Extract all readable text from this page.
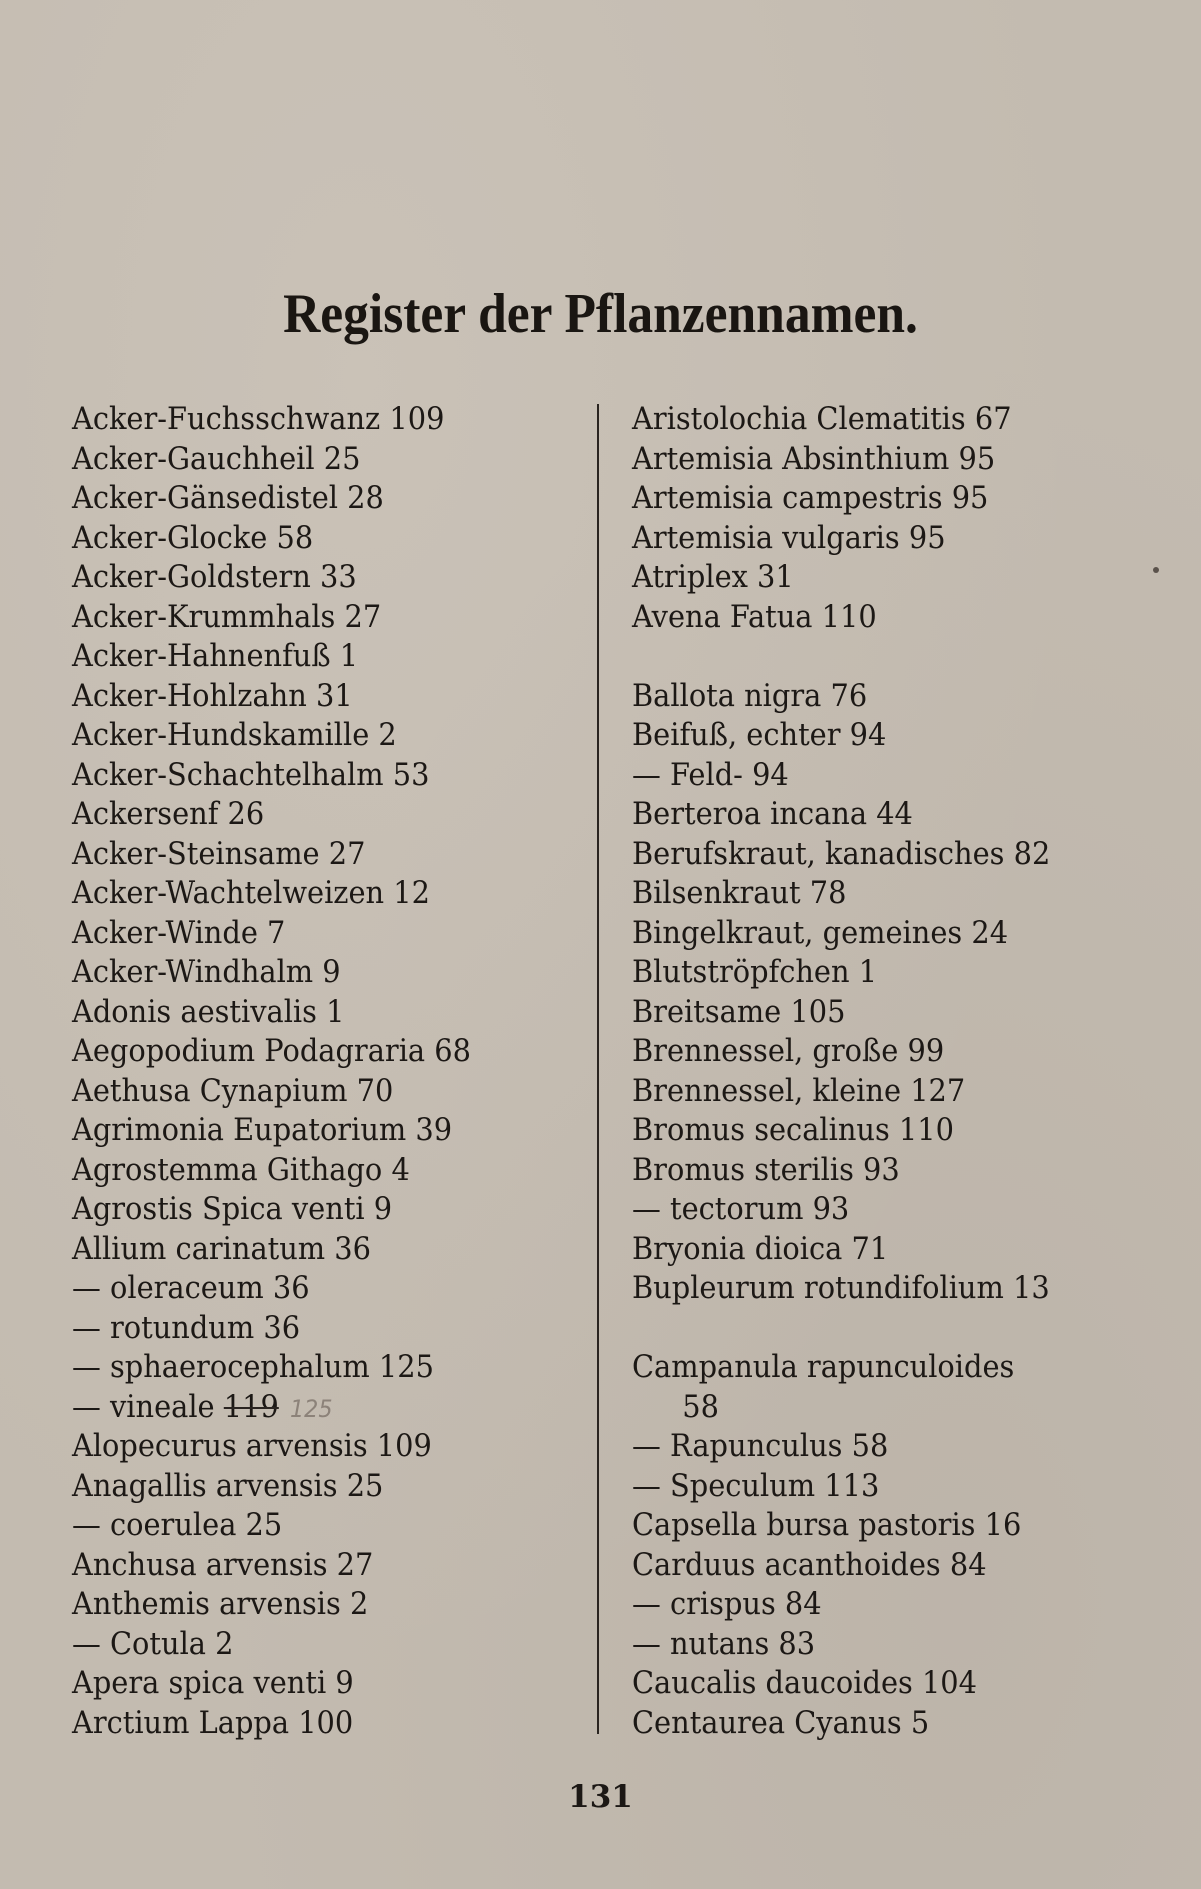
Register der Pflanzennamen.
Acker-Fuchsschwanz 109
Acker-Gauchheil 25
Acker-Gänsedistel 28
Acker-Glocke 58
Acker-Goldstern 33
Acker-Krummhals 27
Acker-Hahnenfuß 1
Acker-Hohlzahn 31
Acker-Hundskamille 2
Acker-Schachtelhalm 53
Ackersenf 26
Acker-Steinsame 27
Acker-Wachtelweizen 12
Acker-Winde 7
Acker-Windhalm 9
Adonis aestivalis 1
Aegopodium Podagraria 68
Aethusa Cynapium 70
Agrimonia Eupatorium 39
Agrostemma Githago 4
Agrostis Spica venti 9
Allium carinatum 36
— oleraceum 36
— rotundum 36
— sphaerocephalum 125
— vineale 119 125
Alopecurus arvensis 109
Anagallis arvensis 25
— coerulea 25
Anchusa arvensis 27
Anthemis arvensis 2
— Cotula 2
Apera spica venti 9
Arctium Lappa 100
Aristolochia Clematitis 67
Artemisia Absinthium 95
Artemisia campestris 95
Artemisia vulgaris 95
Atriplex 31
Avena Fatua 110
Ballota nigra 76
Beifuß, echter 94
— Feld- 94
Berteroa incana 44
Berufskraut, kanadisches 82
Bilsenkraut 78
Bingelkraut, gemeines 24
Blutströpfchen 1
Breitsame 105
Brennessel, große 99
Brennessel, kleine 127
Bromus secalinus 110
Bromus sterilis 93
— tectorum 93
Bryonia dioica 71
Bupleurum rotundifolium 13
Campanula rapunculoides
58
— Rapunculus 58
— Speculum 113
Capsella bursa pastoris 16
Carduus acanthoides 84
— crispus 84
— nutans 83
Caucalis daucoides 104
Centaurea Cyanus 5
131
